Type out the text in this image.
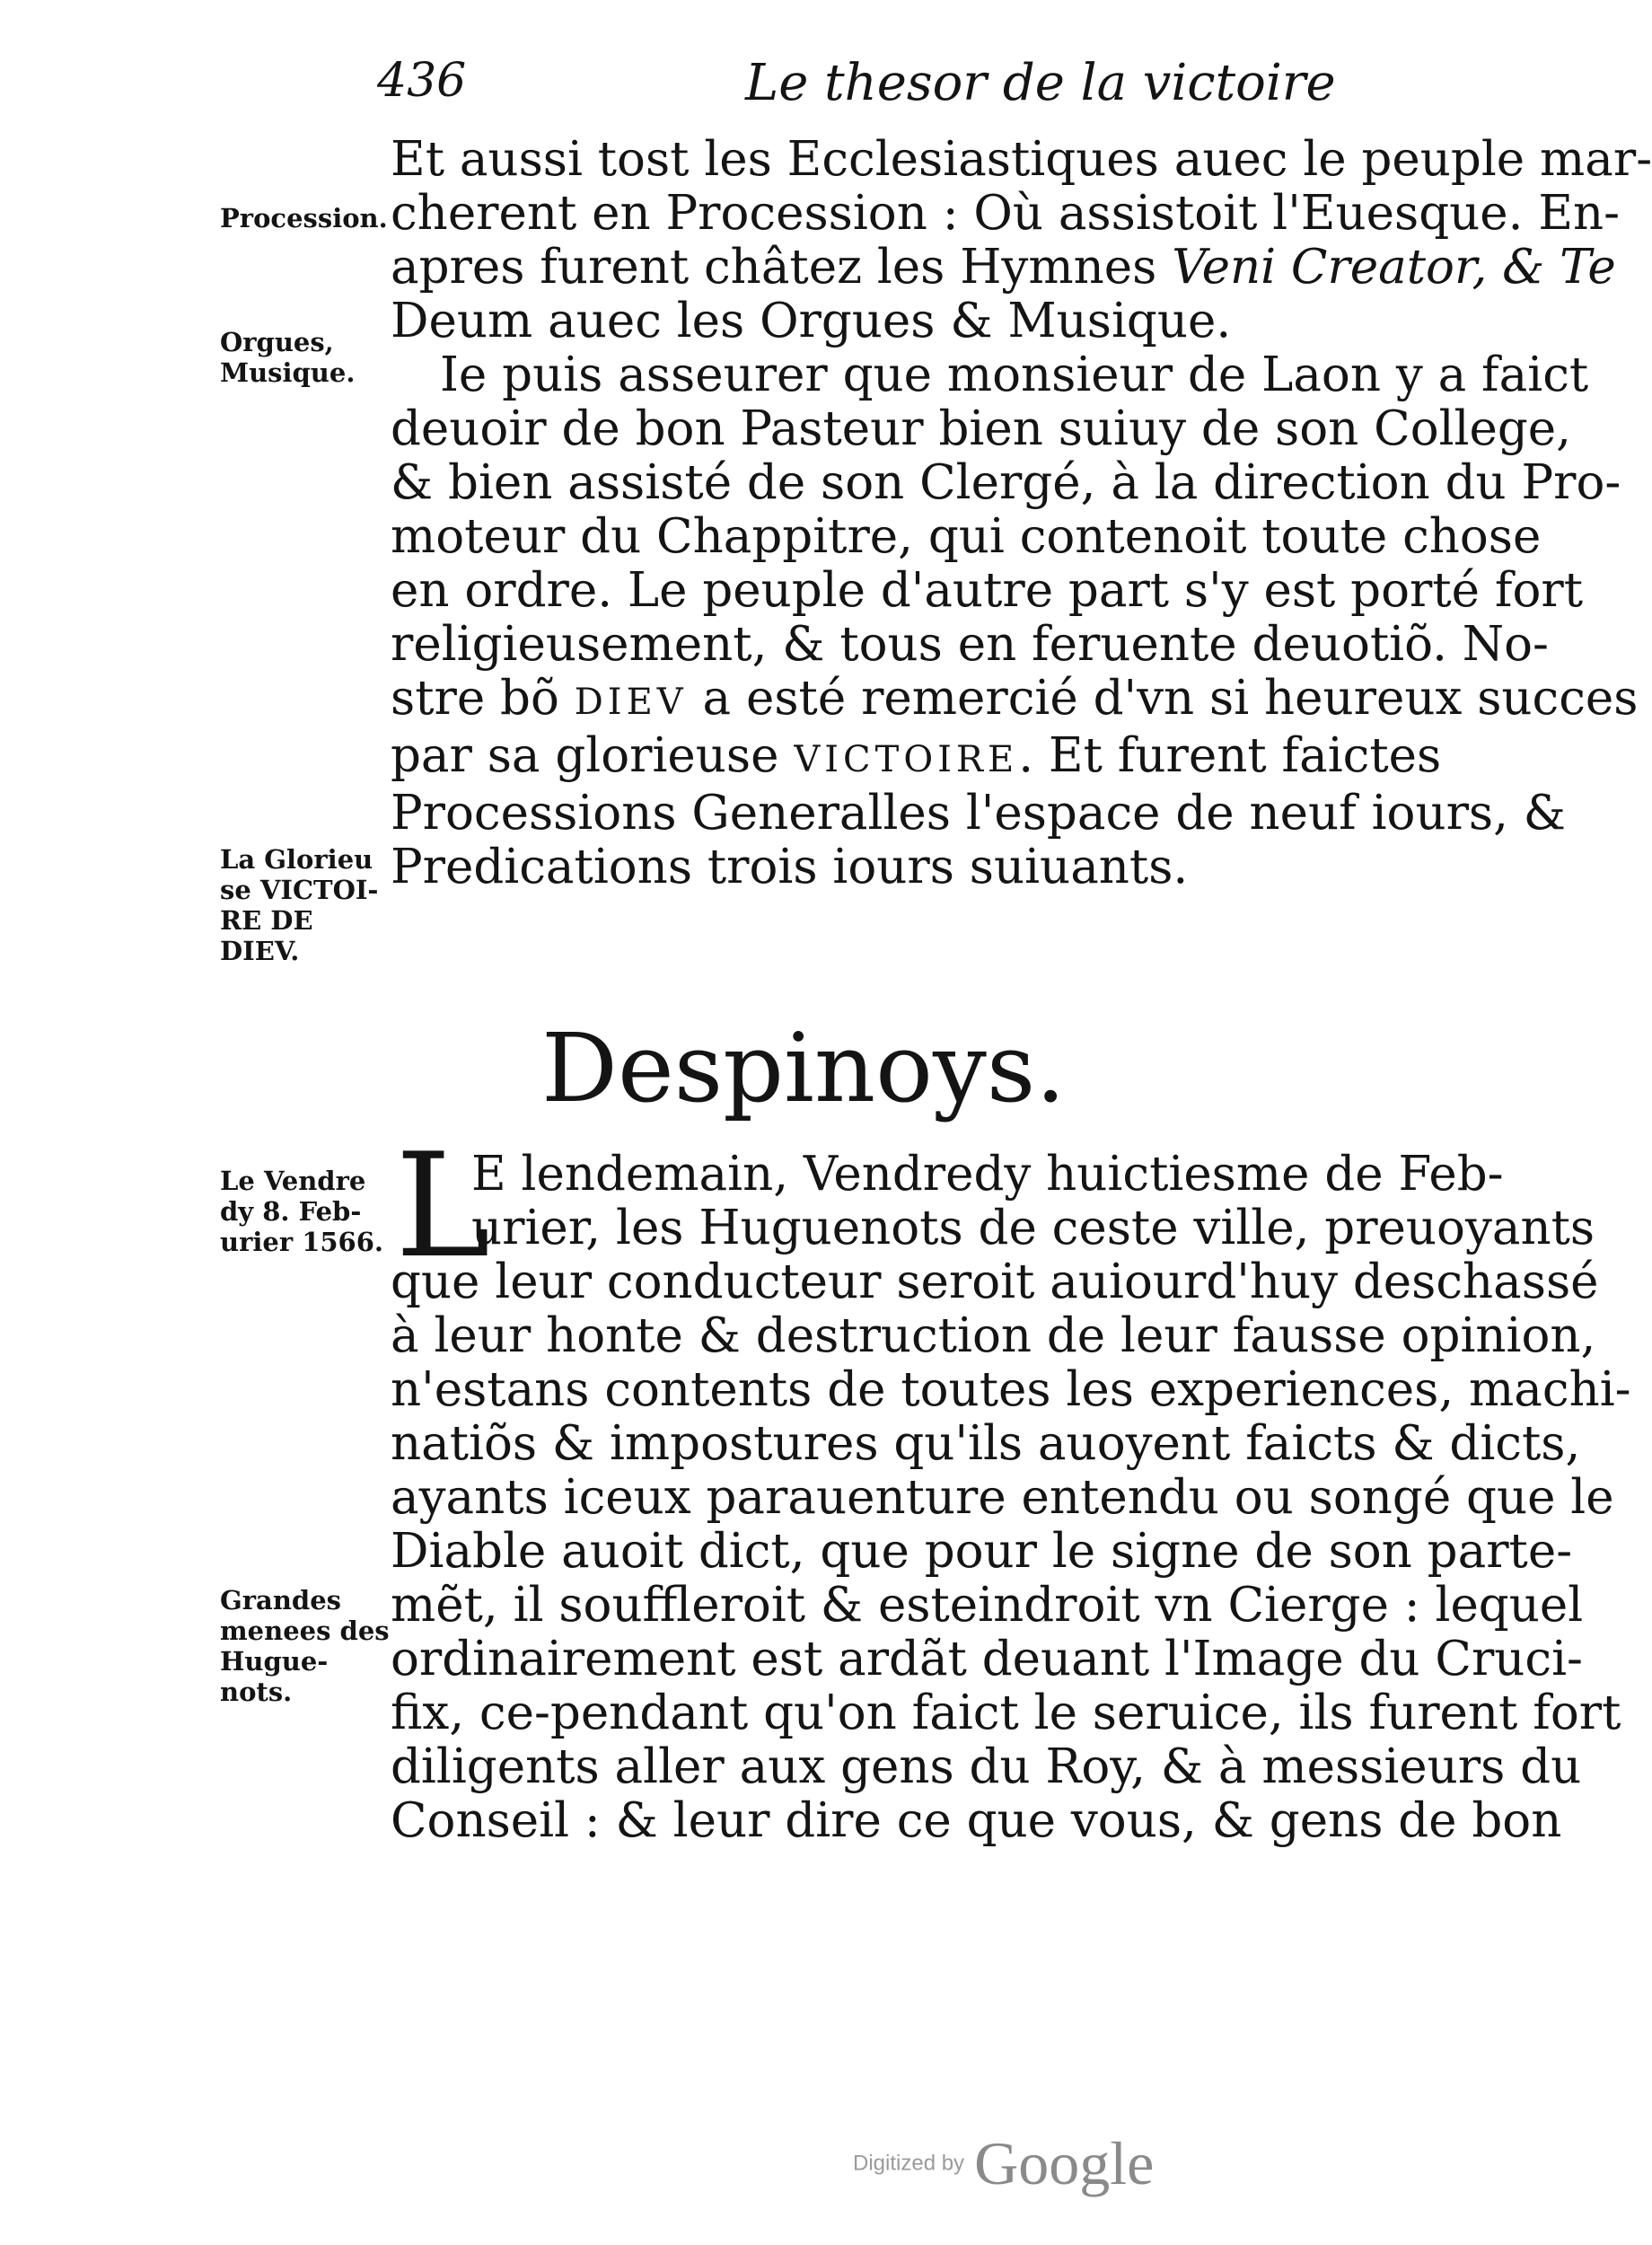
436	Le thesor de la victoire
Procession.
Orgues,
Musique.
La Glorieu
se VICTOI-
RE DE
DIEV.
Le Vendre
dy 8. Feb-
urier 1566.
Grandes
menees des
Hugue-
nots.
Et aussi tost les Ecclesiastiques auec le peuple mar-
cherent en Procession : Où assistoit l'Euesque. En-
apres furent châtez les Hymnes Veni Creator, & Te
Deum auec les Orgues & Musique.
Ie puis asseurer que monsieur de Laon y a faict
deuoir de bon Pasteur bien suiuy de son College,
& bien assisté de son Clergé, à la direction du Pro-
moteur du Chappitre, qui contenoit toute chose
en ordre. Le peuple d'autre part s'y est porté fort
religieusement, & tous en feruente deuotiõ. No-
stre bõ DIEV a esté remercié d'vn si heureux succes
par sa glorieuse VICTOIRE. Et furent faictes
Processions Generalles l'espace de neuf iours, &
Predications trois iours suiuants.
Despinoys.
L
E lendemain, Vendredy huictiesme de Feb-
urier, les Huguenots de ceste ville, preuoyants
que leur conducteur seroit auiourd'huy deschassé
à leur honte & destruction de leur fausse opinion,
n'estans contents de toutes les experiences, machi-
natiõs & impostures qu'ils auoyent faicts & dicts,
ayants iceux parauenture entendu ou songé que le
Diable auoit dict, que pour le signe de son parte-
mẽt, il souffleroit & esteindroit vn Cierge : lequel
ordinairement est ardãt deuant l'Image du Cruci-
fix, ce-pendant qu'on faict le seruice, ils furent fort
diligents aller aux gens du Roy, & à messieurs du
Conseil : & leur dire ce que vous, & gens de bon
Digitized by Google
